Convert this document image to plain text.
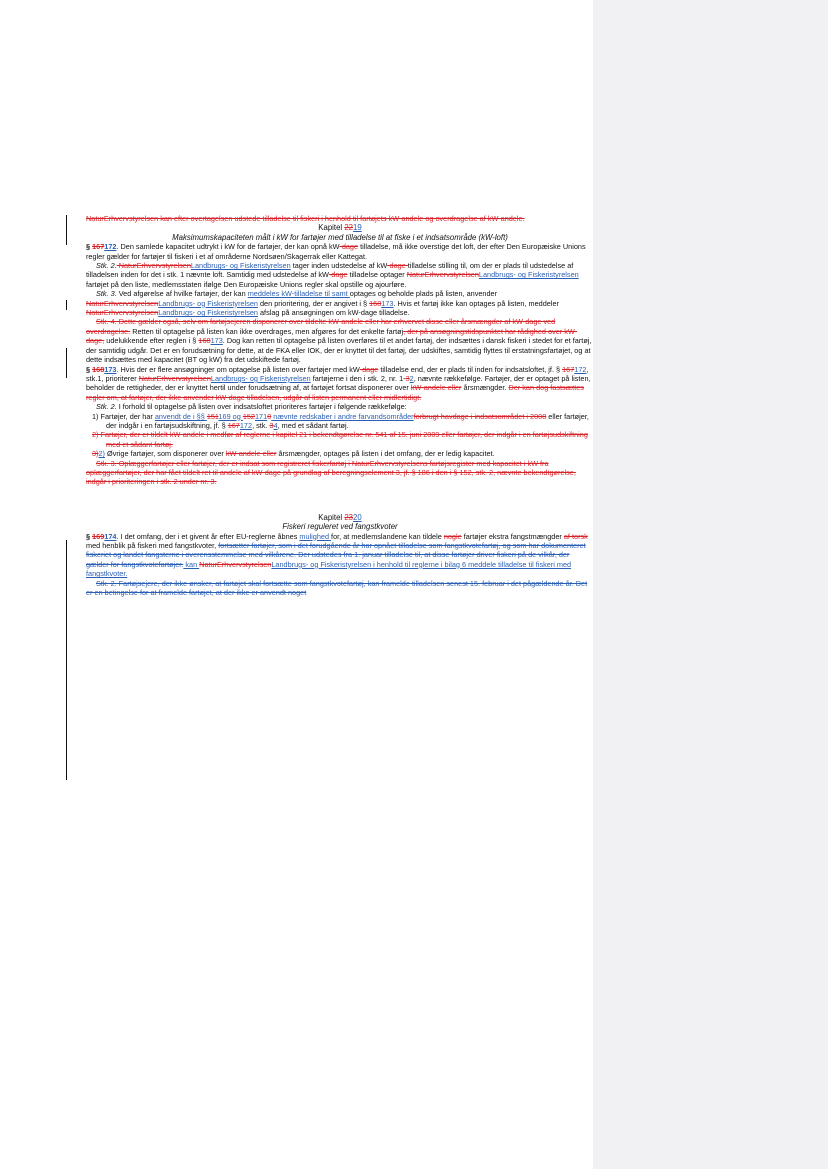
NaturErhvervstyrelsen kan efter overtagelsen udstede tilladelse til fiskeri i henhold til fartøjets kW-andele og overdragelse af kW-andele.

Kapitel 2219

Maksimumskapaciteten målt i kW for fartøjer med tilladelse til at fiske i et indsatsområde (kW-loft)

§ 167172. Den samlede kapacitet udtrykt i kW for de fartøjer, der kan opnå kW-dage tilladelse, må ikke overstige det loft, der efter Den Europæiske Unions regler gælder for fartøjer til fiskeri i et af områderne Nordsøen/Skagerrak eller Kattegat.

Stk. 2. NaturErhvervstyrelsenLandbrugs- og Fiskeristyrelsen tager inden udstedelse af kW-dage tilladelse stilling til, om der er plads til udstedelse af tilladelsen inden for det i stk. 1 nævnte loft. Samtidig med udstedelse af kW-dage tilladelse optager NaturErhvervstyrelsenLandbrugs- og Fiskeristyrelsen fartøjet på den liste, medlemsstaten ifølge Den Europæiske Unions regler skal opstille og ajourføre.

Stk. 3. Ved afgørelse af hvilke fartøjer, der kan meddeles kW-tilladelse til samt optages og beholde plads på listen, anvender NaturErhvervstyrelsenLandbrugs- og Fiskeristyrelsen den prioritering, der er angivet i § 168173. Hvis et fartøj ikke kan optages på listen, meddeler NaturErhvervstyrelsenLandbrugs- og Fiskeristyrelsen afslag på ansøgningen om kW-dage tilladelse.

Stk. 4. Dette gælder også, selv om fartøjsejeren disponerer over tildelte kW-andele eller har erhvervet disse eller årsmængder af kW-dage ved overdragelse. Retten til optagelse på listen kan ikke overdrages, men afgøres for det enkelte fartøj, der på ansøgningstidspunktet har rådighed over kW-dage, udelukkende efter reglen i § 168173. Dog kan retten til optagelse på listen overføres til et andet fartøj, der indsættes i dansk fiskeri i stedet for et fartøj, der samtidig udgår. Det er en forudsætning for dette, at de FKA eller IOK, der er knyttet til det fartøj, der udskiftes, samtidig flyttes til erstatningsfartøjet, og at dette indsættes med kapacitet (BT og kW) fra det udskiftede fartøj.

§ 168173. Hvis der er flere ansøgninger om optagelse på listen over fartøjer med kW-dage tilladelse end, der er plads til inden for indsatsloftet, jf. § 167172, stk.1, prioriterer NaturErhvervstyrelsenLandbrugs- og Fiskeristyrelsen fartøjerne i den i stk. 2, nr. 1-32, nævnte rækkefølge. Fartøjer, der er optaget på listen, beholder de rettigheder, der er knyttet hertil under forudsætning af, at fartøjet fortsat disponerer over kW-andele eller årsmængder. Der kan dog fastsættes regler om, at fartøjer, der ikke anvender kW-dage tilladelsen, udgår af listen permanent eller midlertidigt.

Stk. 2. I forhold til optagelse på listen over indsatsloftet prioriteres fartøjer i følgende rækkefølge:

1) Fartøjer, der har anvendt de i §§ 151169 og 1521710 nævnte redskaber i andre farvandsområderforbrugt havdage i indsatsområdet i 2008 eller fartøjer, der indgår i en fartøjsudskiftning, jf. § 167172, stk. 34, med et sådant fartøj.

2) Fartøjer, der er tildelt kW-andele i medfør af reglerne i kapitel 21 i bekendtgørelse nr. 541 af 15. juni 2009 eller fartøjer, der indgår i en fartøjsudskiftning med et sådant fartøj.

3)2) Øvrige fartøjer, som disponerer over kW-andele eller årsmængder, optages på listen i det omfang, der er ledig kapacitet.

Stk. 3. Oplæggerfartøjer eller fartøjer, der er indsat som registreret fiskerfartøj i NaturErhvervstyrelsens fartøjsregister med kapacitet i kW fra oplæggerfartøjer, der har fået tildelt ret til andele af kW-dage på grundlag af beregningselement 3, jf. § 186 i den i § 152, stk. 2, nævnte bekendtgørelse, indgår i prioriteringen i stk. 2 under nr. 3.

Kapitel 2320

Fiskeri reguleret ved fangstkvoter

§ 169174. I det omfang, der i et givent år efter EU-reglerne åbnes mulighed for, at medlemslandene kan tildele nogle fartøjer ekstra fangstmængder af torsk med henblik på fiskeri med fangstkvoter, fortsætter fartøjer, som i det forudgående år har opnået tilladelse som fangstkvotefartøj, og som har dokumenteret fiskeriet og landet fangsterne i overensstemmelse med vilkårene. Der udstedes fra 1. januar tilladelse til, at disse fartøjer driver fiskeri på de vilkår, der gælder for fangstkvotefartøjer. kan NaturErhvervstyrelsenLandbrugs- og Fiskeristyrelsen i henhold til reglerne i bilag 6 meddele tilladelse til fiskeri med fangstkvoter.

Stk. 2. Fartøjsejere, der ikke ønsker, at fartøjet skal fortsætte som fangstkvotefartøj, kan framelde tilladelsen senest 15. februar i det pågældende år. Det er en betingelse for at framelde fartøjet, at der ikke er anvendt noget
